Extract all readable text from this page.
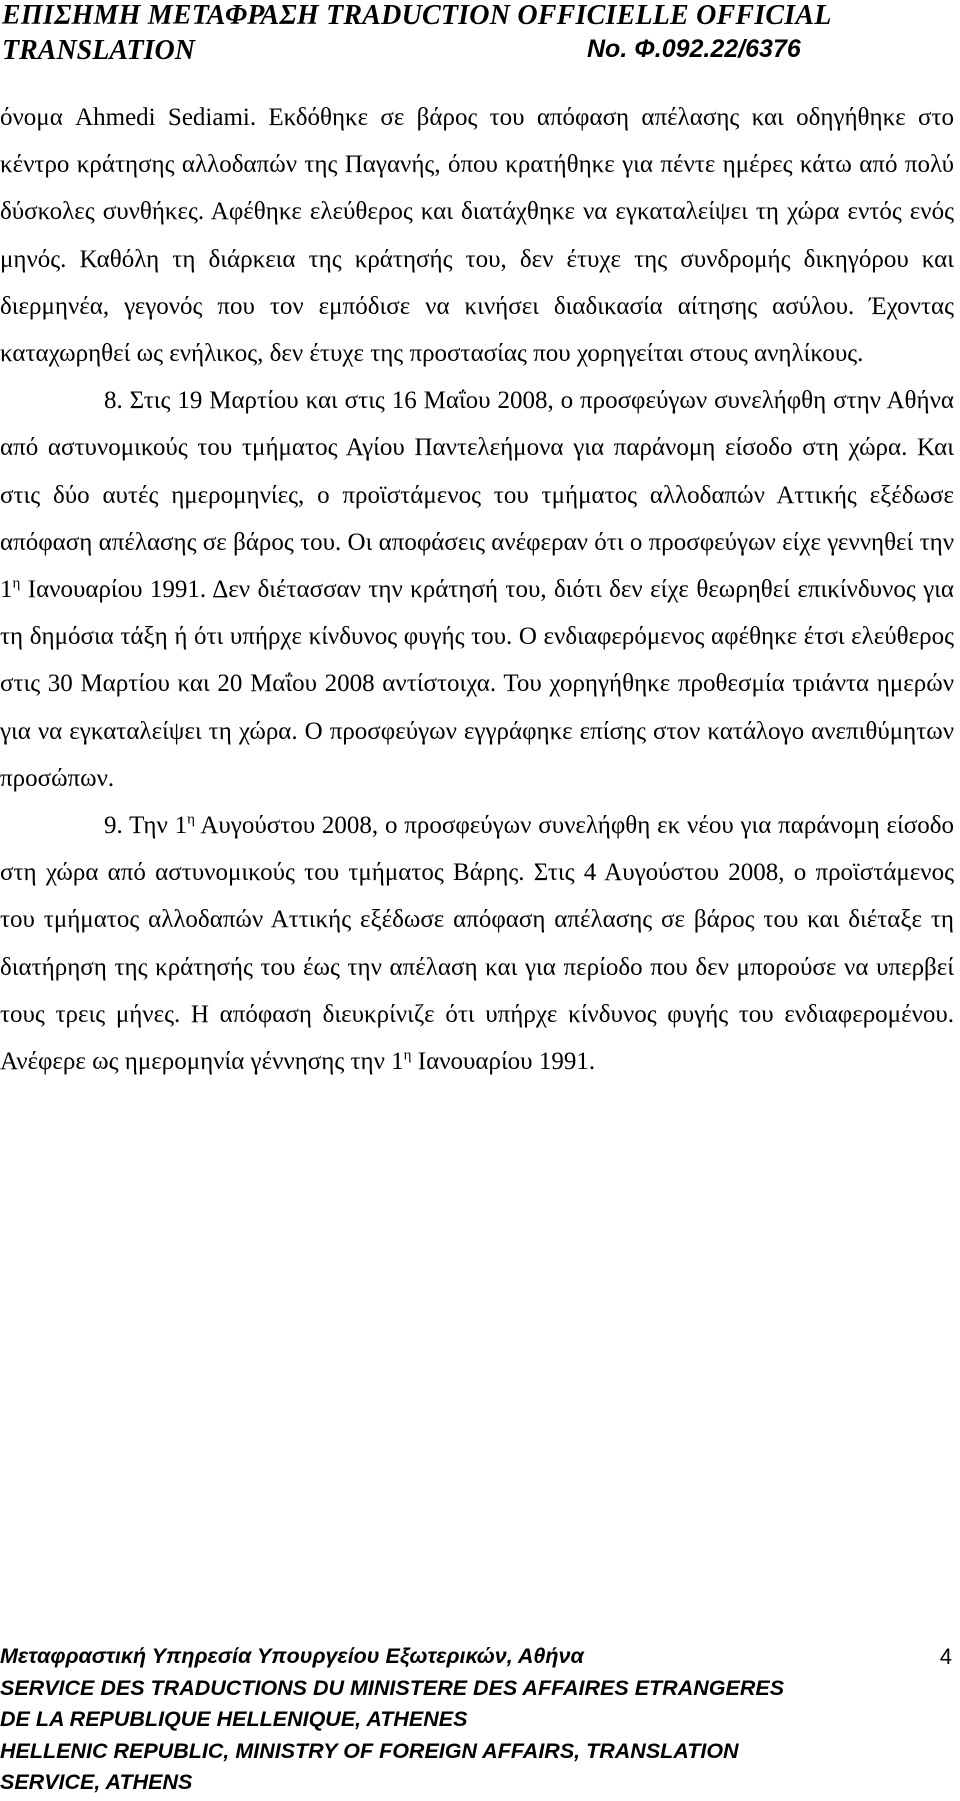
ΕΠΙΣΗΜΗ ΜΕΤΑΦΡΑΣΗ TRADUCTION OFFICIELLE OFFICIAL
TRANSLATION	No. Φ.092.22/6376

όνομα Ahmedi Sediami. Εκδόθηκε σε βάρος του απόφαση απέλασης και οδηγήθηκε στο κέντρο κράτησης αλλοδαπών της Παγανής, όπου κρατήθηκε για πέντε ημέρες κάτω από πολύ δύσκολες συνθήκες. Αφέθηκε ελεύθερος και διατάχθηκε να εγκαταλείψει τη χώρα εντός ενός μηνός. Καθόλη τη διάρκεια της κράτησής του, δεν έτυχε της συνδρομής δικηγόρου και διερμηνέα, γεγονός που τον εμπόδισε να κινήσει διαδικασία αίτησης ασύλου. Έχοντας καταχωρηθεί ως ενήλικος, δεν έτυχε της προστασίας που χορηγείται στους ανηλίκους.

8. Στις 19 Μαρτίου και στις 16 Μαΐου 2008, ο προσφεύγων συνελήφθη στην Αθήνα από αστυνομικούς του τμήματος Αγίου Παντελεήμονα για παράνομη είσοδο στη χώρα. Και στις δύο αυτές ημερομηνίες, ο προϊστάμενος του τμήματος αλλοδαπών Αττικής εξέδωσε απόφαση απέλασης σε βάρος του. Οι αποφάσεις ανέφεραν ότι ο προσφεύγων είχε γεννηθεί την $1^\eta$ Ιανουαρίου 1991. Δεν διέτασσαν την κράτησή του, διότι δεν είχε θεωρηθεί επικίνδυνος για τη δημόσια τάξη ή ότι υπήρχε κίνδυνος φυγής του. Ο ενδιαφερόμενος αφέθηκε έτσι ελεύθερος στις 30 Μαρτίου και 20 Μαΐου 2008 αντίστοιχα. Του χορηγήθηκε προθεσμία τριάντα ημερών για να εγκαταλείψει τη χώρα. Ο προσφεύγων εγγράφηκε επίσης στον κατάλογο ανεπιθύμητων προσώπων.

9. Την $1^\eta$ Αυγούστου 2008, ο προσφεύγων συνελήφθη εκ νέου για παράνομη είσοδο στη χώρα από αστυνομικούς του τμήματος Βάρης. Στις 4 Αυγούστου 2008, ο προϊστάμενος του τμήματος αλλοδαπών Αττικής εξέδωσε απόφαση απέλασης σε βάρος του και διέταξε τη διατήρηση της κράτησής του έως την απέλαση και για περίοδο που δεν μπορούσε να υπερβεί τους τρεις μήνες. Η απόφαση διευκρίνιζε ότι υπήρχε κίνδυνος φυγής του ενδιαφερομένου. Ανέφερε ως ημερομηνία γέννησης την $1^\eta$ Ιανουαρίου 1991.

Μεταφραστική Υπηρεσία Υπουργείου Εξωτερικών, Αθήνα	4
SERVICE DES TRADUCTIONS DU MINISTERE DES AFFAIRES ETRANGERES
DE LA REPUBLIQUE HELLENIQUE, ATHENES
HELLENIC REPUBLIC, MINISTRY OF FOREIGN AFFAIRS, TRANSLATION
SERVICE, ATHENS
